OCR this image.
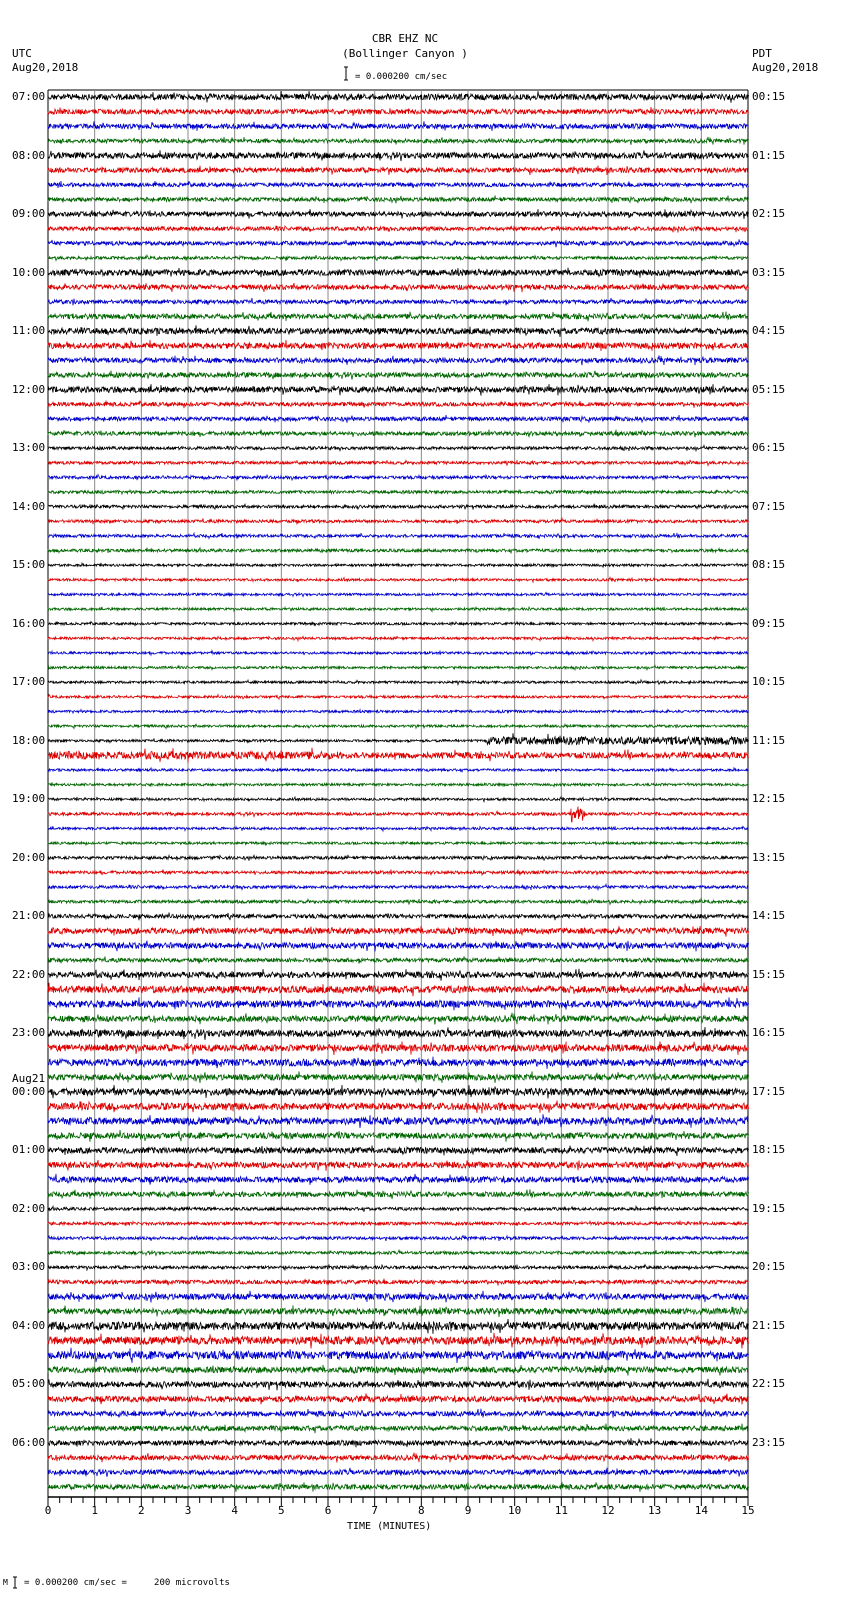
CBR EHZ NC
(Bollinger Canyon )
UTC
Aug20,2018
PDT
Aug20,2018
= 0.000200 cm/sec
TIME (MINUTES)
M = 0.000200 cm/sec =     200 microvolts
0	1	2	3	4	5	6	7	8	9	10	11	12	13	14	15
07:00
08:00
09:00
10:00
11:00
12:00
13:00
14:00
15:00
16:00
17:00
18:00
19:00
20:00
21:00
22:00
23:00
00:00
Aug21
01:00
02:00
03:00
04:00
05:00
06:00
00:15
01:15
02:15
03:15
04:15
05:15
06:15
07:15
08:15
09:15
10:15
11:15
12:15
13:15
14:15
15:15
16:15
17:15
18:15
19:15
20:15
21:15
22:15
23:15
